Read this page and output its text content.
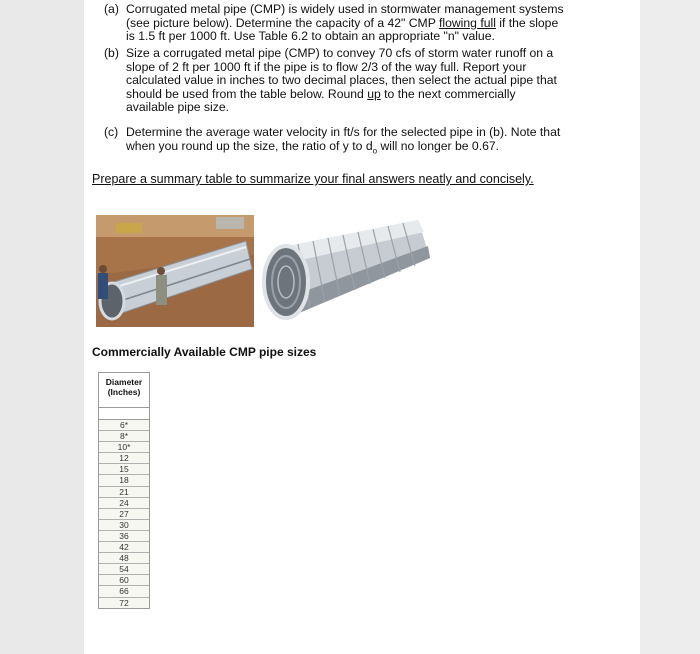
(a) Corrugated metal pipe (CMP) is widely used in stormwater management systems

(see picture below). Determine the capacity of a 42" CMP flowing full if the slope

is 1.5 ft per 1000 ft. Use Table 6.2 to obtain an appropriate "n" value.

(b) Size a corrugated metal pipe (CMP) to convey 70 cfs of storm water runoff on a

slope of 2 ft per 1000 ft if the pipe is to flow 2/3 of the way full. Report your

calculated value in inches to two decimal places, then select the actual pipe that

should be used from the table below. Round up to the next commercially

available pipe size.

(c) Determine the average water velocity in ft/s for the selected pipe in (b). Note that

when you round up the size, the ratio of y to $d_o$ will no longer be 0.67.

Prepare a summary table to summarize your final answers neatly and concisely.
Commercially Available CMP pipe sizes
Diameter
(Inches)
6*
8*
10*
12
15
18
21
24
27
30
36
42
48
54
60
66
72
